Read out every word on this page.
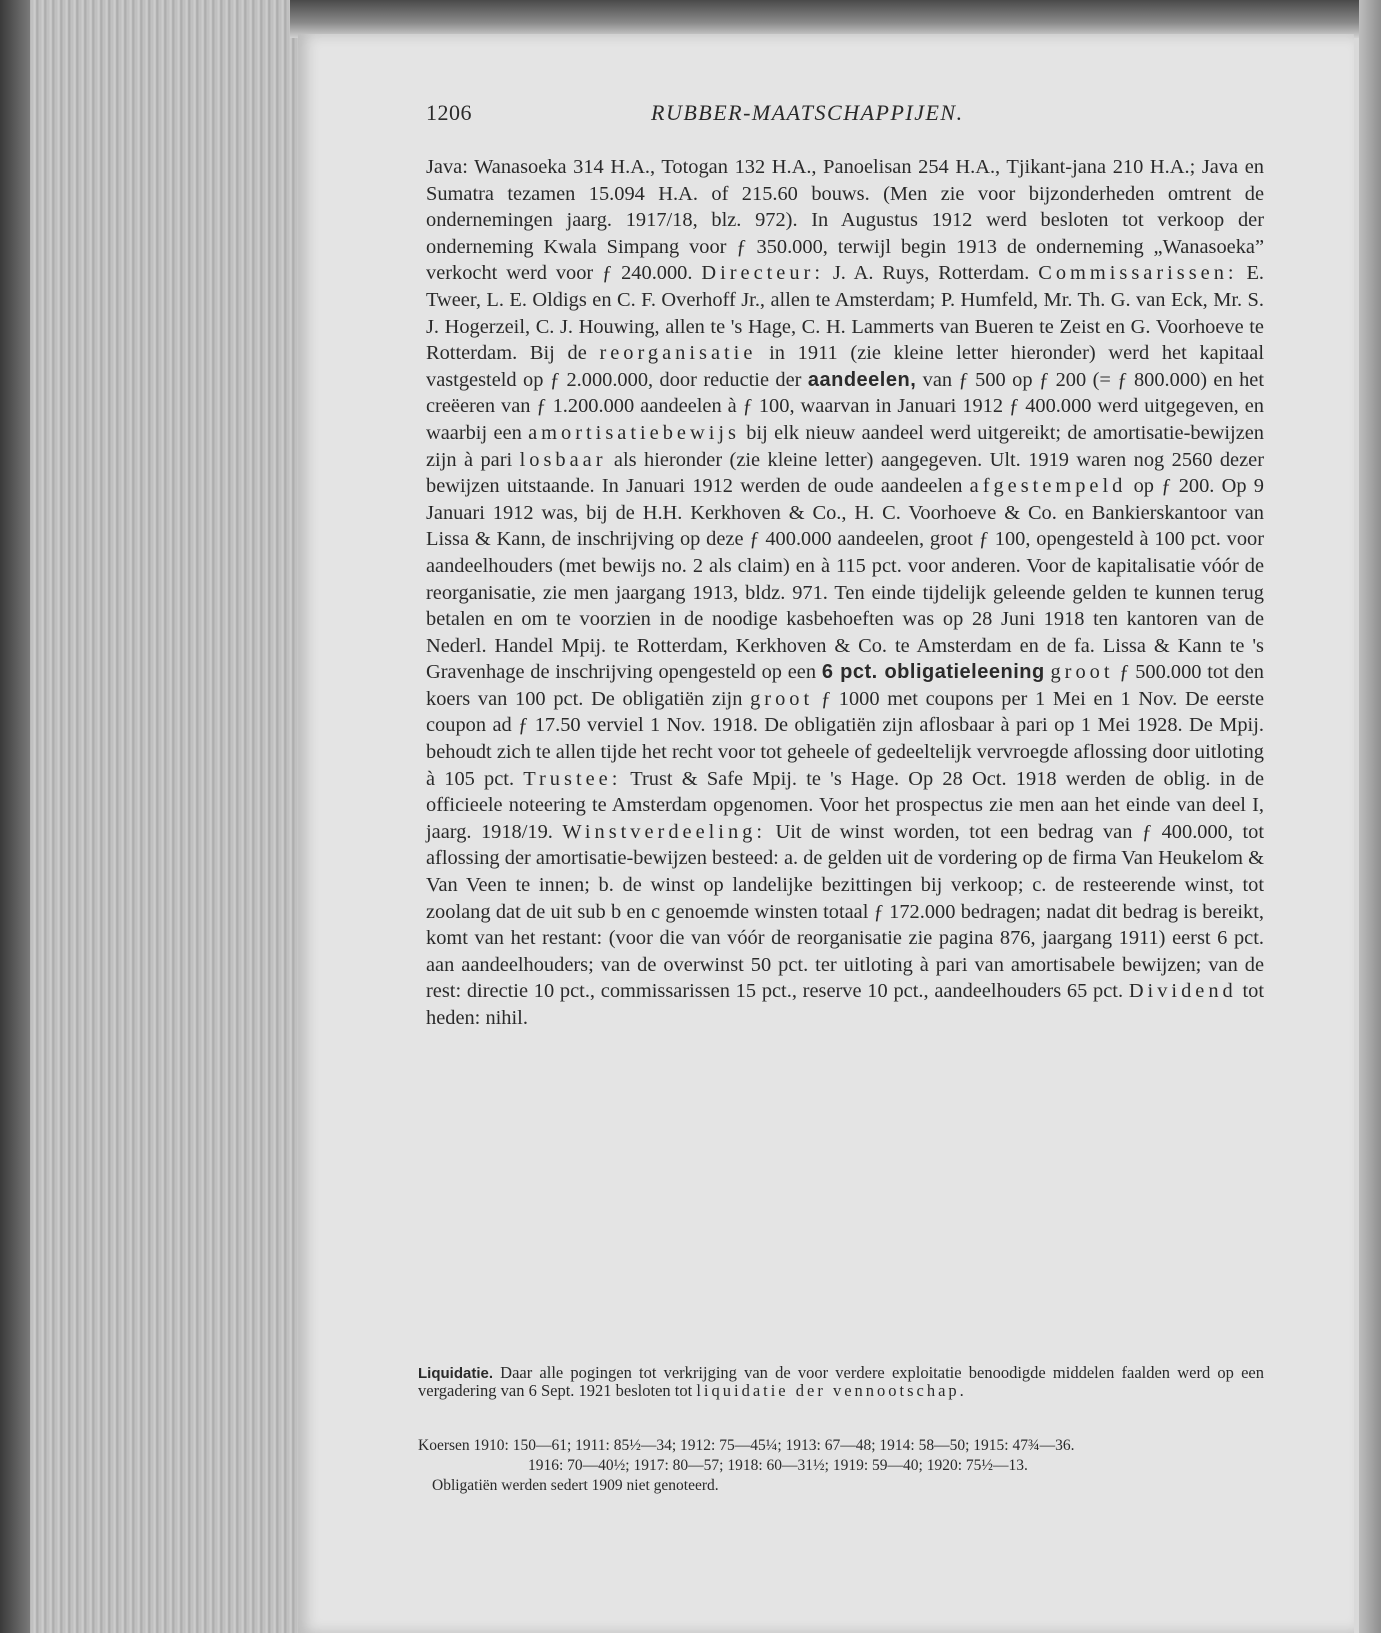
1206	RUBBER-MAATSCHAPPIJEN.

Java: Wanasoeka 314 H.A., Totogan 132 H.A., Panoelisan 254 H.A., Tjikant-jana 210 H.A.; Java en Sumatra tezamen 15.094 H.A. of 215.60 bouws. (Men zie voor bijzonderheden omtrent de ondernemingen jaarg. 1917/18, blz. 972). In Augustus 1912 werd besloten tot verkoop der onderneming Kwala Simpang voor ƒ 350.000, terwijl begin 1913 de onderneming „Wanasoeka” verkocht werd voor ƒ 240.000. Directeur: J. A. Ruys, Rotterdam. Commissarissen: E. Tweer, L. E. Oldigs en C. F. Overhoff Jr., allen te Amsterdam; P. Humfeld, Mr. Th. G. van Eck, Mr. S. J. Hogerzeil, C. J. Houwing, allen te 's Hage, C. H. Lammerts van Bueren te Zeist en G. Voorhoeve te Rotterdam. Bij de reorganisatie in 1911 (zie kleine letter hieronder) werd het kapitaal vastgesteld op ƒ 2.000.000, door reductie der aandeelen, van ƒ 500 op ƒ 200 (= ƒ 800.000) en het creëeren van ƒ 1.200.000 aandeelen à ƒ 100, waarvan in Januari 1912 ƒ 400.000 werd uitgegeven, en waarbij een amortisatiebewijs bij elk nieuw aandeel werd uitgereikt; de amortisatie-bewijzen zijn à pari losbaar als hieronder (zie kleine letter) aangegeven. Ult. 1919 waren nog 2560 dezer bewijzen uitstaande. In Januari 1912 werden de oude aandeelen afgestempeld op ƒ 200. Op 9 Januari 1912 was, bij de H.H. Kerkhoven & Co., H. C. Voorhoeve & Co. en Bankierskantoor van Lissa & Kann, de inschrijving op deze ƒ 400.000 aandeelen, groot ƒ 100, opengesteld à 100 pct. voor aandeelhouders (met bewijs no. 2 als claim) en à 115 pct. voor anderen. Voor de kapitalisatie vóór de reorganisatie, zie men jaargang 1913, bldz. 971. Ten einde tijdelijk geleende gelden te kunnen terug betalen en om te voorzien in de noodige kasbehoeften was op 28 Juni 1918 ten kantoren van de Nederl. Handel Mpij. te Rotterdam, Kerkhoven & Co. te Amsterdam en de fa. Lissa & Kann te 's Gravenhage de inschrijving opengesteld op een 6 pct. obligatieleening groot ƒ 500.000 tot den koers van 100 pct. De obligatiën zijn groot ƒ 1000 met coupons per 1 Mei en 1 Nov. De eerste coupon ad ƒ 17.50 verviel 1 Nov. 1918. De obligatiën zijn aflosbaar à pari op 1 Mei 1928. De Mpij. behoudt zich te allen tijde het recht voor tot geheele of gedeeltelijk vervroegde aflossing door uitloting à 105 pct. Trustee: Trust & Safe Mpij. te 's Hage. Op 28 Oct. 1918 werden de oblig. in de officieele noteering te Amsterdam opgenomen. Voor het prospectus zie men aan het einde van deel I, jaarg. 1918/19. Winstverdeeling: Uit de winst worden, tot een bedrag van ƒ 400.000, tot aflossing der amortisatie-bewijzen besteed: a. de gelden uit de vordering op de firma Van Heukelom & Van Veen te innen; b. de winst op landelijke bezittingen bij verkoop; c. de resteerende winst, tot zoolang dat de uit sub b en c genoemde winsten totaal ƒ 172.000 bedragen; nadat dit bedrag is bereikt, komt van het restant: (voor die van vóór de reorganisatie zie pagina 876, jaargang 1911) eerst 6 pct. aan aandeelhouders; van de overwinst 50 pct. ter uitloting à pari van amortisabele bewijzen; van de rest: directie 10 pct., commissarissen 15 pct., reserve 10 pct., aandeelhouders 65 pct. Dividend tot heden: nihil.

Liquidatie. Daar alle pogingen tot verkrijging van de voor verdere exploitatie benoodigde middelen faalden werd op een vergadering van 6 Sept. 1921 besloten tot liquidatie der vennootschap.

Koersen 1910: 150—61; 1911: 85½—34; 1912: 75—45¼; 1913: 67—48; 1914: 58—50; 1915: 47¾—36.
1916: 70—40½; 1917: 80—57; 1918: 60—31½; 1919: 59—40; 1920: 75½—13.
Obligatiën werden sedert 1909 niet genoteerd.
